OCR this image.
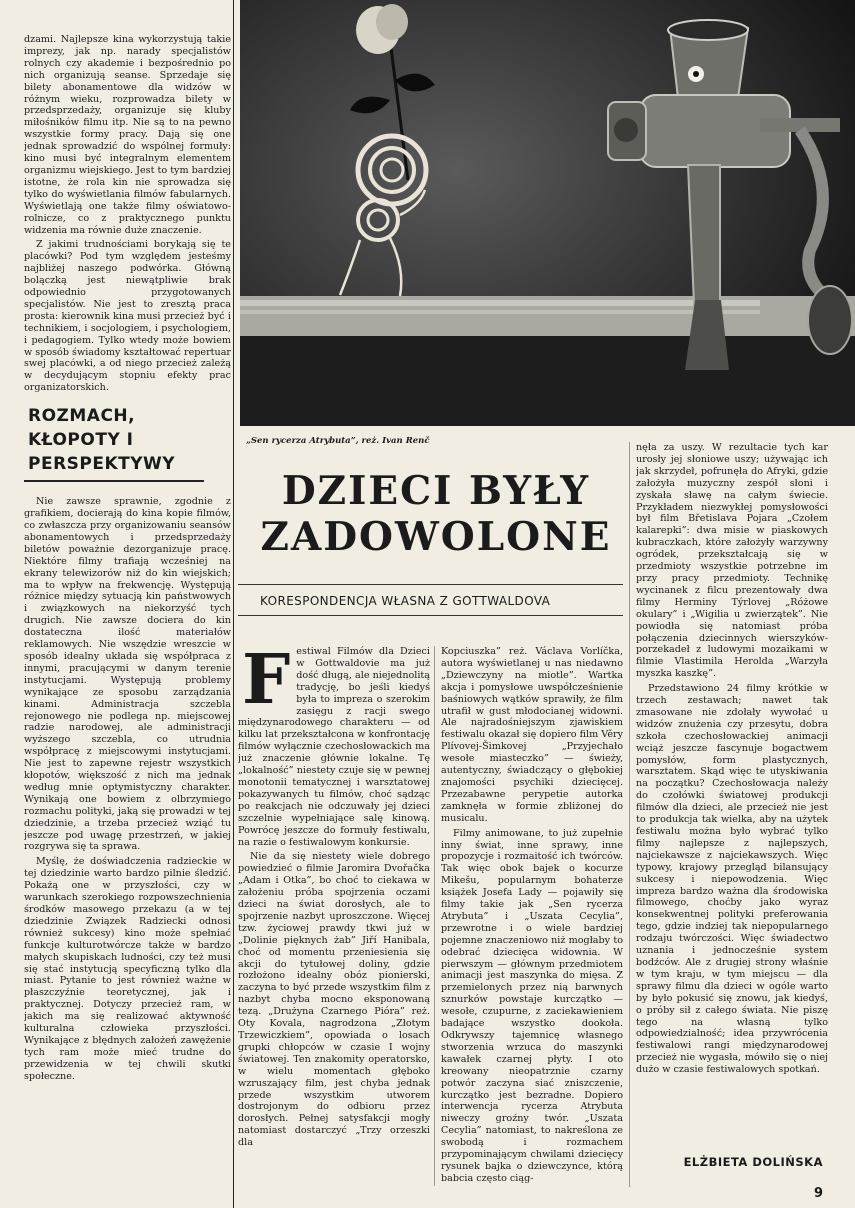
dzami. Najlepsze kina wykorzystują takie imprezy, jak np. narady specjalistów rolnych czy akademie i bezpośrednio po nich organizują seanse. Sprzedaje się bilety abonamentowe dla widzów w różnym wieku, rozprowadza bilety w przedsprzedaży, organizuje się kluby miłośników filmu itp. Nie są to na pewno wszystkie formy pracy. Dają się one jednak sprowadzić do wspólnej formuły: kino musi być integralnym elementem organizmu wiejskiego. Jest to tym bardziej istotne, że rola kin nie sprowadza się tylko do wyświetlania filmów fabularnych. Wyświetlają one także filmy oświatowo-rolnicze, co z praktycznego punktu widzenia ma równie duże znaczenie.

Z jakimi trudnościami borykają się te placówki? Pod tym względem jesteśmy najbliżej naszego podwórka. Główną bolączką jest niewątpliwie brak odpowiednio przygotowanych specjalistów. Nie jest to zresztą praca prosta: kierownik kina musi przecież być i technikiem, i socjologiem, i psychologiem, i pedagogiem. Tylko wtedy może bowiem w sposób świadomy kształtować repertuar swej placówki, a od niego przecież zależą w decydującym stopniu efekty prac organizatorskich.

ROZMACH, KŁOPOTY I PERSPEKTYWY

Nie zawsze sprawnie, zgodnie z grafikiem, docierają do kina kopie filmów, co zwłaszcza przy organizowaniu seansów abonamentowych i przedsprzedaży biletów poważnie dezorganizuje pracę. Niektóre filmy trafiają wcześniej na ekrany telewizorów niż do kin wiejskich; ma to wpływ na frekwencję. Występują różnice między sytuacją kin państwowych i związkowych na niekorzyść tych drugich. Nie zawsze dociera do kin dostateczna ilość materiałów reklamowych. Nie wszędzie wreszcie w sposób idealny układa się współpraca z innymi, pracującymi w danym terenie instytucjami. Występują problemy wynikające ze sposobu zarządzania kinami. Administracja szczebla rejonowego nie podlega np. miejscowej radzie narodowej, ale administracji wyższego szczebla, co utrudnia współpracę z miejscowymi instytucjami. Nie jest to zapewne rejestr wszystkich kłopotów, większość z nich ma jednak według mnie optymistyczny charakter. Wynikają one bowiem z olbrzymiego rozmachu polityki, jaką się prowadzi w tej dziedzinie, a trzeba przecież wziąć tu jeszcze pod uwagę przestrzeń, w jakiej rozgrywa się ta sprawa.

Myślę, że doświadczenia radzieckie w tej dziedzinie warto bardzo pilnie śledzić. Pokażą one w przyszłości, czy w warunkach szerokiego rozpowszechnienia środków masowego przekazu (a w tej dziedzinie Związek Radziecki odnosi również sukcesy) kino może spełniać funkcje kulturotwórcze także w bardzo małych skupiskach ludności, czy też musi się stać instytucją specyficzną tylko dla miast. Pytanie to jest również ważne w płaszczyźnie teoretycznej, jak i praktycznej. Dotyczy przecież ram, w jakich ma się realizować aktywność kulturalna człowieka przyszłości. Wynikające z błędnych założeń zawężenie tych ram może mieć trudne do przewidzenia w tej chwili skutki społeczne.

„Sen rycerza Atrybuta”, reż. Ivan Renč
DZIECI BYŁY ZADOWOLONE
KORESPONDENCJA WŁASNA Z GOTTWALDOVA
F estiwal Filmów dla Dzieci w Gottwaldovie ma już dość długą, ale niejednolitą tradycję, bo jeśli kiedyś była to impreza o szerokim zasięgu z racji swego międzynarodowego charakteru — od kilku lat przekształcona w konfrontację filmów wyłącznie czechosłowackich ma już znaczenie głównie lokalne. Tę „lokalność” niestety czuje się w pewnej monotonii tematycznej i warsztatowej pokazywanych tu filmów, choć sądząc po reakcjach nie odczuwały jej dzieci szczelnie wypełniające salę kinową. Powrócę jeszcze do formuły festiwalu, na razie o festiwalowym konkursie.

Nie da się niestety wiele dobrego powiedzieć o filmie Jaromira Dvořačka „Adam i Otka”, bo choć to ciekawa w założeniu próba spojrzenia oczami dzieci na świat dorosłych, ale to spojrzenie nazbyt uproszczone. Więcej tzw. życiowej prawdy tkwi już w „Dolinie pięknych żab” Jiří Hanibala, choć od momentu przeniesienia się akcji do tytułowej doliny, gdzie rozłożono idealny obóz pionierski, zaczyna to być przede wszystkim film z nazbyt chyba mocno eksponowaną tezą. „Drużyna Czarnego Pióra” reż. Oty Kovala, nagrodzona „Złotym Trzewiczkiem”, opowiada o losach grupki chłopców w czasie I wojny światowej. Ten znakomity operatorsko, w wielu momentach głęboko wzruszający film, jest chyba jednak przede wszystkim utworem dostrojonym do odbioru przez dorosłych. Pełnej satysfakcji mogły natomiast dostarczyć „Trzy orzeszki dla

Kopciuszka” reż. Václava Vorlíčka, autora wyświetlanej u nas niedawno „Dziewczyny na miotle”. Wartka akcja i pomysłowe uwspółcześnienie baśniowych wątków sprawiły, że film utrafił w gust młodocianej widowni. Ale najradośniejszym zjawiskiem festiwalu okazał się dopiero film Věry Plívovej-Šimkovej „Przyjechało wesołe miasteczko” — świeży, autentyczny, świadczący o głębokiej znajomości psychiki dziecięcej. Przezabawne perypetie autorka zamknęła w formie zbliżonej do musicalu.

Filmy animowane, to już zupełnie inny świat, inne sprawy, inne propozycje i rozmaitość ich twórców. Tak więc obok bajek o kocurze Mikešu, popularnym bohaterze książek Josefa Lady — pojawiły się filmy takie jak „Sen rycerza Atrybuta” i „Uszata Cecylia”, przewrotne i o wiele bardziej pojemne znaczeniowo niż mogłaby to odebrać dziecięca widownia. W pierwszym — głównym przedmiotem animacji jest maszynka do mięsa. Z przemielonych przez nią barwnych sznurków powstaje kurczątko — wesołe, czupurne, z zaciekawieniem badające wszystko dookoła. Odkrywszy tajemnicę własnego stworzenia wrzuca do maszynki kawałek czarnej płyty. I oto kreowany nieopatrznie czarny potwór zaczyna siać zniszczenie, kurczątko jest bezradne. Dopiero interwencja rycerza Atrybuta niweczy groźny twór. „Uszata Cecylia” natomiast, to nakreślona ze swobodą i rozmachem przypominającym chwilami dziecięcy rysunek bajka o dziewczynce, którą babcia często ciąg-

nęła za uszy. W rezultacie tych kar urosły jej słoniowe uszy; używając ich jak skrzydeł, pofrunęła do Afryki, gdzie założyła muzyczny zespół słoni i zyskała sławę na całym świecie. Przykładem niezwykłej pomysłowości był film Břetislava Pojara „Czołem kalarepki”: dwa misie w piaskowych kubraczkach, które założyły warzywny ogródek, przekształcają się w przedmioty wszystkie potrzebne im przy pracy przedmioty. Technikę wycinanek z filcu prezentowały dwa filmy Herminy Týrlovej „Różowe okulary” i „Wigilia u zwierzątek”. Nie powiodła się natomiast próba połączenia dziecinnych wierszyków-porzekadeł z ludowymi mozaikami w filmie Vlastimila Herolda „Warzyła myszka kaszkę”.

Przedstawiono 24 filmy krótkie w trzech zestawach; nawet tak zmasowane nie zdołały wywołać u widzów znużenia czy przesytu, dobra szkoła czechosłowackiej animacji wciąż jeszcze fascynuje bogactwem pomysłów, form plastycznych, warsztatem. Skąd więc te utyskiwania na początku? Czechosłowacja należy do czołówki światowej produkcji filmów dla dzieci, ale przecież nie jest to produkcja tak wielka, aby na użytek festiwalu można było wybrać tylko filmy najlepsze z najlepszych, najciekawsze z najciekawszych. Więc typowy, krajowy przegląd bilansujący sukcesy i niepowodzenia. Więc impreza bardzo ważna dla środowiska filmowego, choćby jako wyraz konsekwentnej polityki preferowania tego, gdzie indziej tak niepopularnego rodzaju twórczości. Więc świadectwo uznania i jednocześnie system bodźców. Ale z drugiej strony właśnie w tym kraju, w tym miejscu — dla sprawy filmu dla dzieci w ogóle warto by było pokusić się znowu, jak kiedyś, o próby sił z całego świata. Nie piszę tego na własną tylko odpowiedzialność; idea przywrócenia festiwalowi rangi międzynarodowej przecież nie wygasła, mówiło się o niej dużo w czasie festiwalowych spotkań.

ELŻBIETA DOLIŃSKA
9
